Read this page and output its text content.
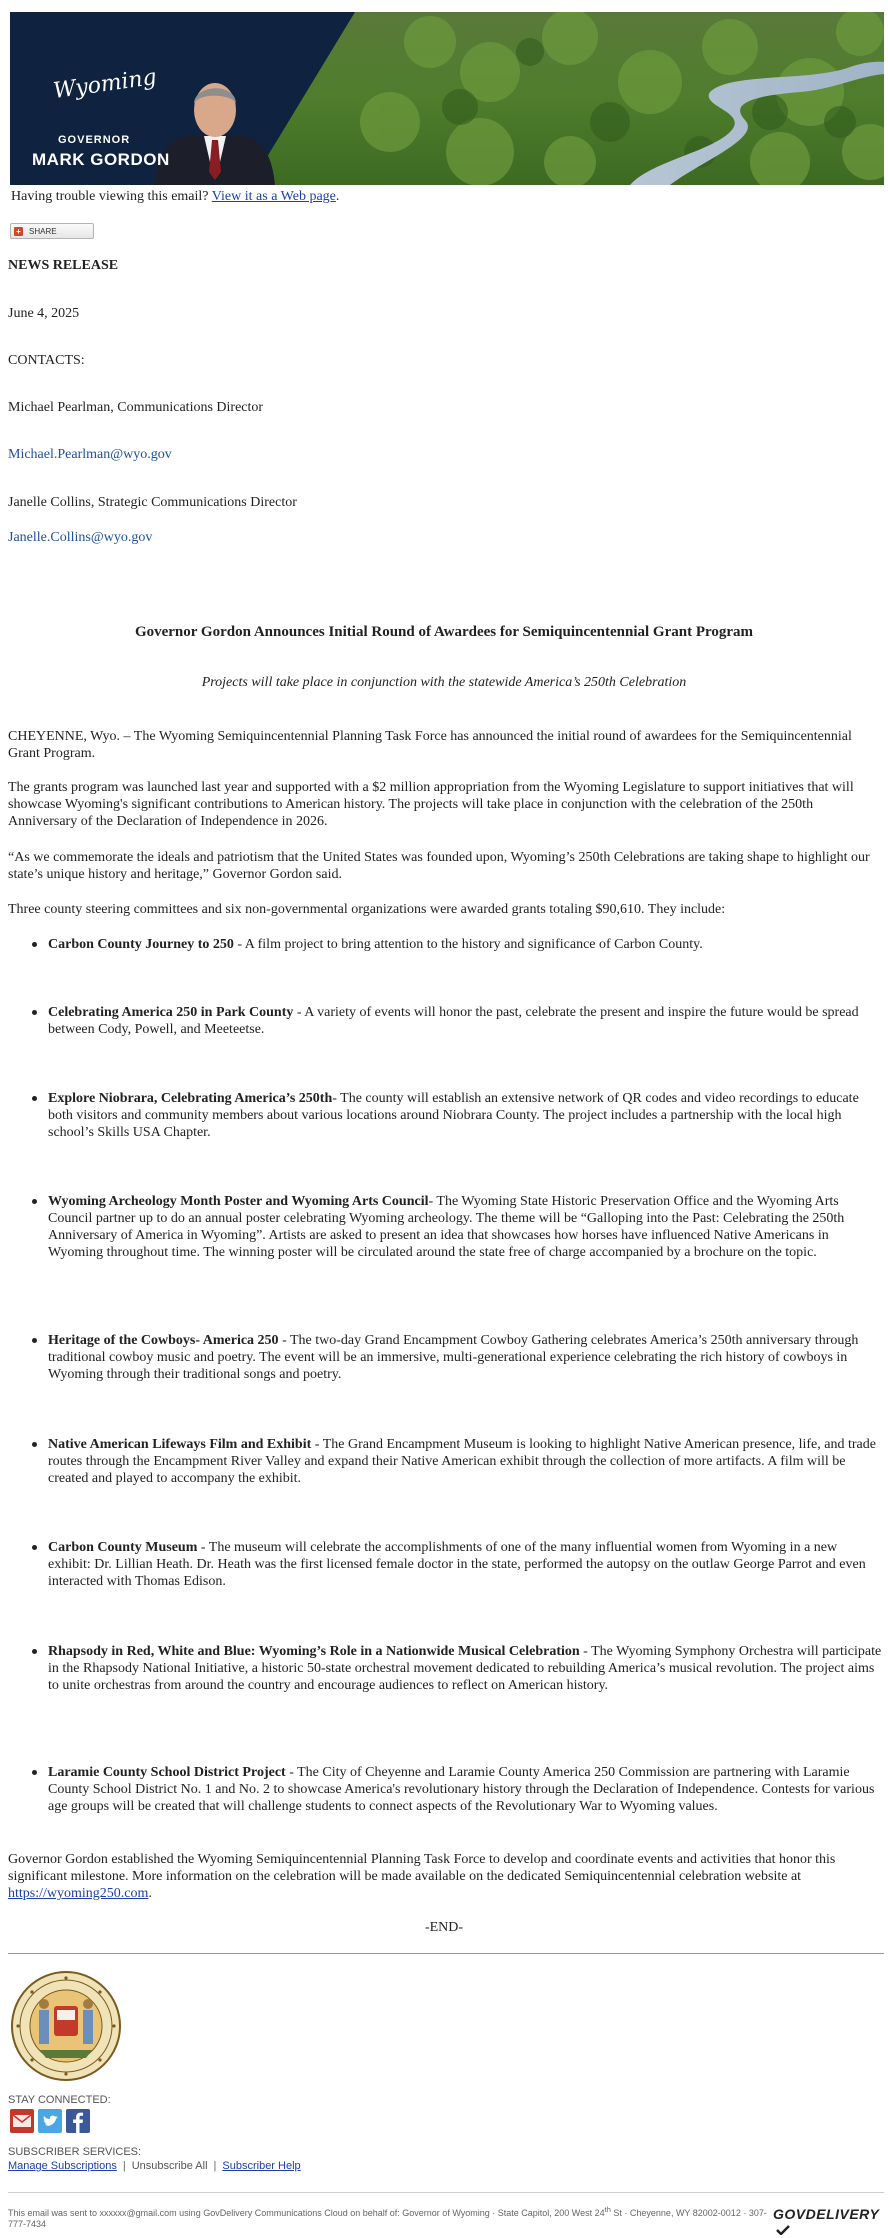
Wyoming
GOVERNOR
MARK GORDON
Having trouble viewing this email? View it as a Web page.
+ SHARE
NEWS RELEASE
June 4, 2025
CONTACTS:
Michael Pearlman, Communications Director
Michael.Pearlman@wyo.gov
Janelle Collins, Strategic Communications Director
Janelle.Collins@wyo.gov
Governor Gordon Announces Initial Round of Awardees for Semiquincentennial Grant Program
Projects will take place in conjunction with the statewide America’s 250th Celebration

CHEYENNE, Wyo. – The Wyoming Semiquincentennial Planning Task Force has announced the initial round of awardees for the Semiquincentennial Grant Program.

The grants program was launched last year and supported with a $2 million appropriation from the Wyoming Legislature to support initiatives that will showcase Wyoming's significant contributions to American history. The projects will take place in conjunction with the celebration of the 250th Anniversary of the Declaration of Independence in 2026.

“As we commemorate the ideals and patriotism that the United States was founded upon, Wyoming’s 250th Celebrations are taking shape to highlight our state’s unique history and heritage,” Governor Gordon said.

Three county steering committees and six non-governmental organizations were awarded grants totaling $90,610. They include:

Carbon County Journey to 250 - A film project to bring attention to the history and significance of Carbon County.
Celebrating America 250 in Park County - A variety of events will honor the past, celebrate the present and inspire the future would be spread between Cody, Powell, and Meeteetse.
Explore Niobrara, Celebrating America’s 250th- The county will establish an extensive network of QR codes and video recordings to educate both visitors and community members about various locations around Niobrara County. The project includes a partnership with the local high school’s Skills USA Chapter.
Wyoming Archeology Month Poster and Wyoming Arts Council- The Wyoming State Historic Preservation Office and the Wyoming Arts Council partner up to do an annual poster celebrating Wyoming archeology. The theme will be “Galloping into the Past: Celebrating the 250th Anniversary of America in Wyoming”. Artists are asked to present an idea that showcases how horses have influenced Native Americans in Wyoming throughout time. The winning poster will be circulated around the state free of charge accompanied by a brochure on the topic.
Heritage of the Cowboys- America 250 - The two-day Grand Encampment Cowboy Gathering celebrates America’s 250th anniversary through traditional cowboy music and poetry. The event will be an immersive, multi-generational experience celebrating the rich history of cowboys in Wyoming through their traditional songs and poetry.
Native American Lifeways Film and Exhibit - The Grand Encampment Museum is looking to highlight Native American presence, life, and trade routes through the Encampment River Valley and expand their Native American exhibit through the collection of more artifacts. A film will be created and played to accompany the exhibit.
Carbon County Museum - The museum will celebrate the accomplishments of one of the many influential women from Wyoming in a new exhibit: Dr. Lillian Heath. Dr. Heath was the first licensed female doctor in the state, performed the autopsy on the outlaw George Parrot and even interacted with Thomas Edison.
Rhapsody in Red, White and Blue: Wyoming’s Role in a Nationwide Musical Celebration - The Wyoming Symphony Orchestra will participate in the Rhapsody National Initiative, a historic 50-state orchestral movement dedicated to rebuilding America’s musical revolution. The project aims to unite orchestras from around the country and encourage audiences to reflect on American history.
Laramie County School District Project - The City of Cheyenne and Laramie County America 250 Commission are partnering with Laramie County School District No. 1 and No. 2 to showcase America's revolutionary history through the Declaration of Independence. Contests for various age groups will be created that will challenge students to connect aspects of the Revolutionary War to Wyoming values.

Governor Gordon established the Wyoming Semiquincentennial Planning Task Force to develop and coordinate events and activities that honor this significant milestone. More information on the celebration will be made available on the dedicated Semiquincentennial celebration website at https://wyoming250.com.

-END-
STAY CONNECTED:
SUBSCRIBER SERVICES:
Manage Subscriptions | Unsubscribe All | Subscriber Help
This email was sent to xxxxxx@gmail.com using GovDelivery Communications Cloud on behalf of: Governor of Wyoming · State Capitol, 200 West 24th St · Cheyenne, WY 82002-0012 · 307-777-7434
GOVDELIVERY
